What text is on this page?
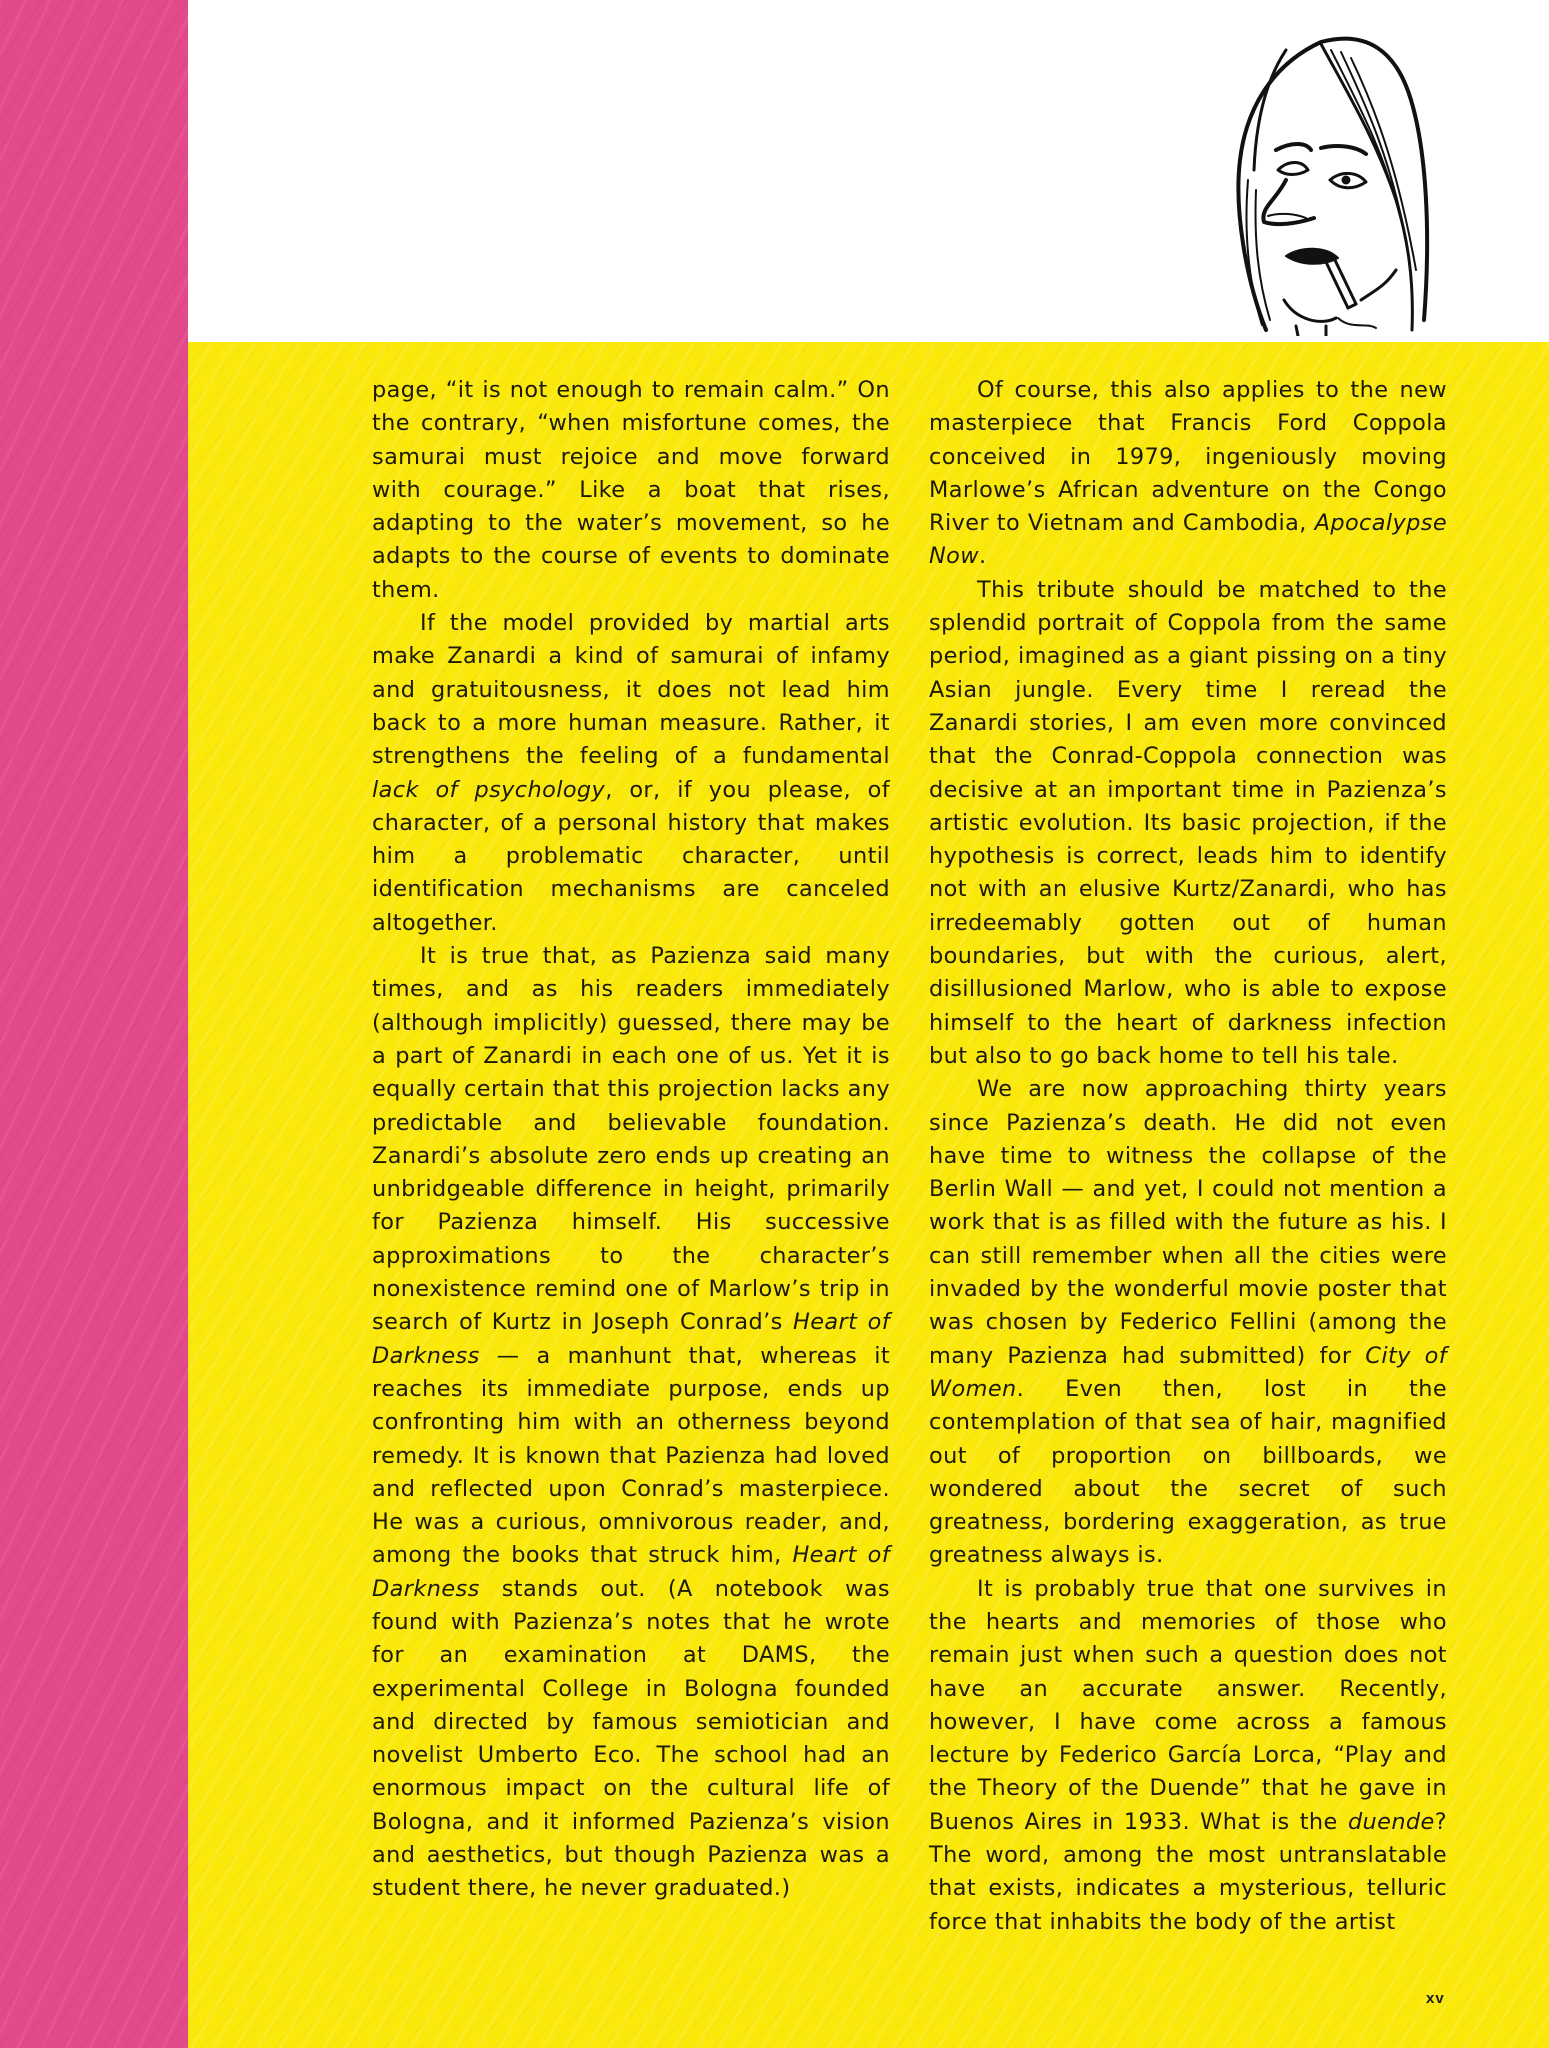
page, “it is not enough to remain calm.” On the contrary, “when misfortune comes, the samurai must rejoice and move forward with courage.” Like a boat that rises, adapting to the water’s movement, so he adapts to the course of events to dominate them.

If the model provided by martial arts make Zanardi a kind of samurai of infamy and gratuitousness, it does not lead him back to a more human measure. Rather, it strengthens the feeling of a fundamental lack of psychology, or, if you please, of character, of a personal history that makes him a problematic character, until identification mechanisms are canceled altogether.

It is true that, as Pazienza said many times, and as his readers immediately (although implicitly) guessed, there may be a part of Zanardi in each one of us. Yet it is equally certain that this projection lacks any predictable and believable foundation. Zanardi’s absolute zero ends up creating an unbridgeable difference in height, primarily for Pazienza himself. His successive approximations to the character’s nonexistence remind one of Marlow’s trip in search of Kurtz in Joseph Conrad’s Heart of Darkness — a manhunt that, whereas it reaches its immediate purpose, ends up confronting him with an otherness beyond remedy. It is known that Pazienza had loved and reflected upon Conrad’s masterpiece. He was a curious, omnivorous reader, and, among the books that struck him, Heart of Darkness stands out. (A notebook was found with Pazienza’s notes that he wrote for an examination at DAMS, the experimental College in Bologna founded and directed by famous semiotician and novelist Umberto Eco. The school had an enormous impact on the cultural life of Bologna, and it informed Pazienza’s vision and aesthetics, but though Pazienza was a student there, he never graduated.)

Of course, this also applies to the new masterpiece that Francis Ford Coppola conceived in 1979, ingeniously moving Marlowe’s African adventure on the Congo River to Vietnam and Cambodia, Apocalypse Now.

This tribute should be matched to the splendid portrait of Coppola from the same period, imagined as a giant pissing on a tiny Asian jungle. Every time I reread the Zanardi stories, I am even more convinced that the Conrad-Coppola connection was decisive at an important time in Pazienza’s artistic evolution. Its basic projection, if the hypothesis is correct, leads him to identify not with an elusive Kurtz/Zanardi, who has irredeemably gotten out of human boundaries, but with the curious, alert, disillusioned Marlow, who is able to expose himself to the heart of darkness infection but also to go back home to tell his tale.

We are now approaching thirty years since Pazienza’s death. He did not even have time to witness the collapse of the Berlin Wall — and yet, I could not mention a work that is as filled with the future as his. I can still remember when all the cities were invaded by the wonderful movie poster that was chosen by Federico Fellini (among the many Pazienza had submitted) for City of Women. Even then, lost in the contemplation of that sea of hair, magnified out of proportion on billboards, we wondered about the secret of such greatness, bordering exaggeration, as true greatness always is.

It is probably true that one survives in the hearts and memories of those who remain just when such a question does not have an accurate answer. Recently, however, I have come across a famous lecture by Federico García Lorca, “Play and the Theory of the Duende” that he gave in Buenos Aires in 1933. What is the duende? The word, among the most untranslatable that exists, indicates a mysterious, telluric force that inhabits the body of the artist

xv
